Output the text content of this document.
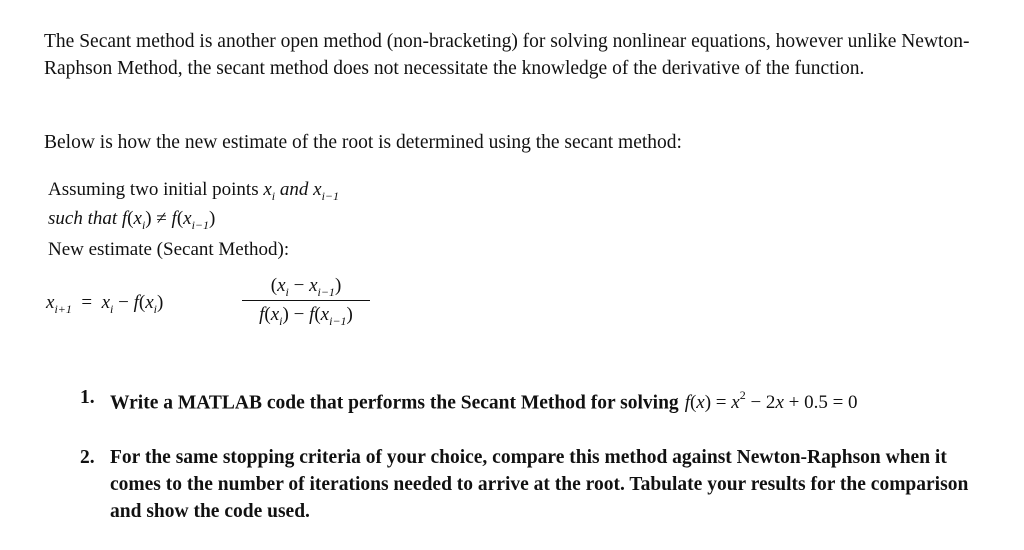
The Secant method is another open method (non-bracketing) for solving nonlinear equations, however unlike Newton-Raphson Method, the secant method does not necessitate the knowledge of the derivative of the function.

Below is how the new estimate of the root is determined using the secant method:

Assuming two initial points $x_i$ and $x_{i-1}$
such that $f(x_i) \ne f(x_{i-1})$
New estimate (Secant Method):
$x_{i+1} = x_i - f(x_i)$
$(x_i - x_{i-1})$
$f(x_i) - f(x_{i-1})$
1. Write a MATLAB code that performs the Secant Method for solving $f(x) = x^2 - 2x + 0.5 = 0$
2. For the same stopping criteria of your choice, compare this method against Newton-Raphson when it comes to the number of iterations needed to arrive at the root. Tabulate your results for the comparison and show the code used.
